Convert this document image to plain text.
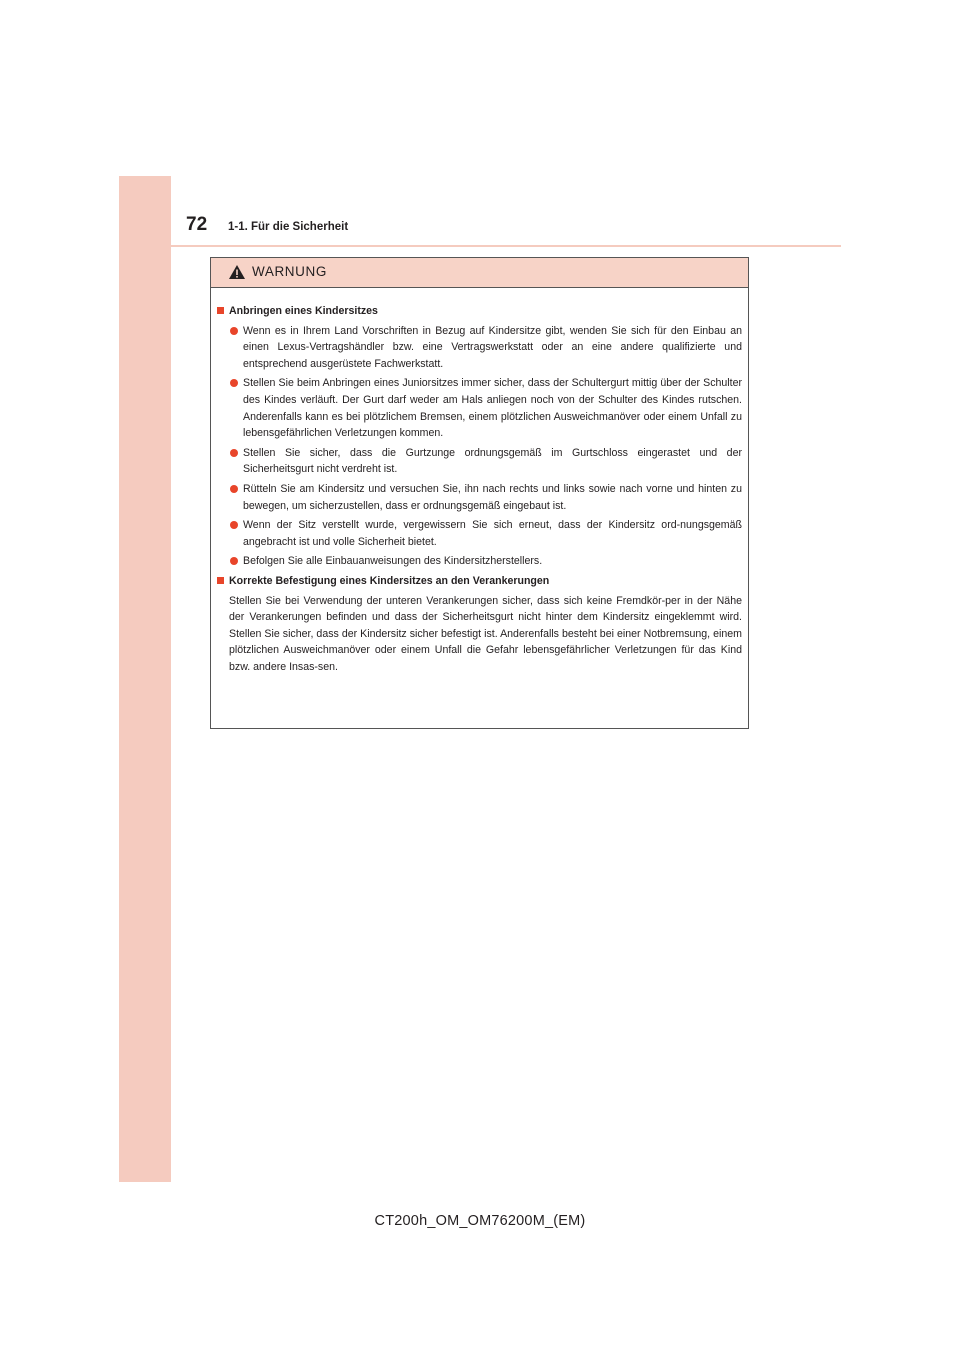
72 1-1. Für die Sicherheit
WARNUNG
Anbringen eines Kindersitzes
Wenn es in Ihrem Land Vorschriften in Bezug auf Kindersitze gibt, wenden Sie sich für den Einbau an einen Lexus-Vertragshändler bzw. eine Vertragswerkstatt oder an eine andere qualifizierte und entsprechend ausgerüstete Fachwerkstatt.
Stellen Sie beim Anbringen eines Juniorsitzes immer sicher, dass der Schultergurt mittig über der Schulter des Kindes verläuft. Der Gurt darf weder am Hals anliegen noch von der Schulter des Kindes rutschen. Anderenfalls kann es bei plötzlichem Bremsen, einem plötzlichen Ausweichmanöver oder einem Unfall zu lebensgefährlichen Verletzungen kommen.
Stellen Sie sicher, dass die Gurtzunge ordnungsgemäß im Gurtschloss eingerastet und der Sicherheitsgurt nicht verdreht ist.
Rütteln Sie am Kindersitz und versuchen Sie, ihn nach rechts und links sowie nach vorne und hinten zu bewegen, um sicherzustellen, dass er ordnungsgemäß eingebaut ist.
Wenn der Sitz verstellt wurde, vergewissern Sie sich erneut, dass der Kindersitz ord-nungsgemäß angebracht ist und volle Sicherheit bietet.
Befolgen Sie alle Einbauanweisungen des Kindersitzherstellers.
Korrekte Befestigung eines Kindersitzes an den Verankerungen
Stellen Sie bei Verwendung der unteren Verankerungen sicher, dass sich keine Fremdkör-per in der Nähe der Verankerungen befinden und dass der Sicherheitsgurt nicht hinter dem Kindersitz eingeklemmt wird. Stellen Sie sicher, dass der Kindersitz sicher befestigt ist. Anderenfalls besteht bei einer Notbremsung, einem plötzlichen Ausweichmanöver oder einem Unfall die Gefahr lebensgefährlicher Verletzungen für das Kind bzw. andere Insas-sen.
CT200h_OM_OM76200M_(EM)
